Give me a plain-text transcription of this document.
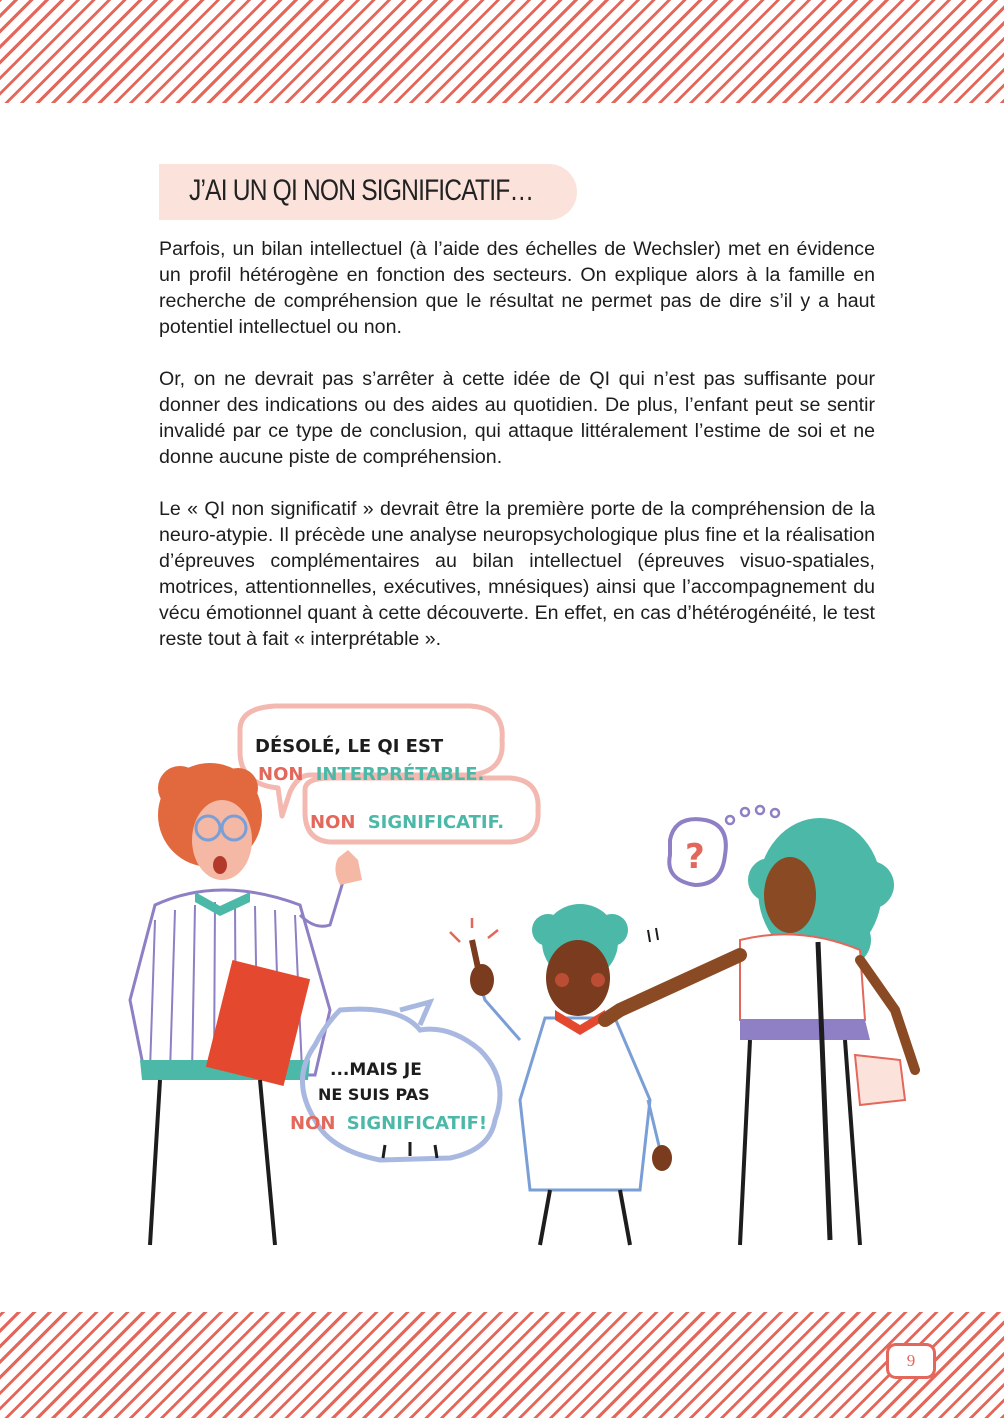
J’AI UN QI NON SIGNIFICATIF…

Parfois, un bilan intellectuel (à l’aide des échelles de Wechsler) met en évidence un profil hétérogène en fonction des secteurs. On explique alors à la famille en recherche de compréhension que le résultat ne permet pas de dire s’il y a haut potentiel intellectuel ou non.

Or, on ne devrait pas s’arrêter à cette idée de QI qui n’est pas suffisante pour donner des indications ou des aides au quotidien. De plus, l’enfant peut se sentir invalidé par ce type de conclusion, qui attaque littéralement l’estime de soi et ne donne aucune piste de compréhension.

Le « QI non significatif » devrait être la première porte de la compréhension de la neuro-atypie. Il précède une analyse neuropsychologique plus fine et la réalisation d’épreuves complémentaires au bilan intellectuel (épreuves visuo-spatiales, motrices, attentionnelles, exécutives, mnésiques) ainsi que l’accompagnement du vécu émotionnel quant à cette découverte. En effet, en cas d’hétérogénéité, le test reste tout à fait « interprétable ».

DÉSOLÉ, LE QI EST
NON INTERPRÉTABLE.
NON SIGNIFICATIF.
...MAIS JE
NE SUIS PAS
NON SIGNIFICATIF!
?
9
